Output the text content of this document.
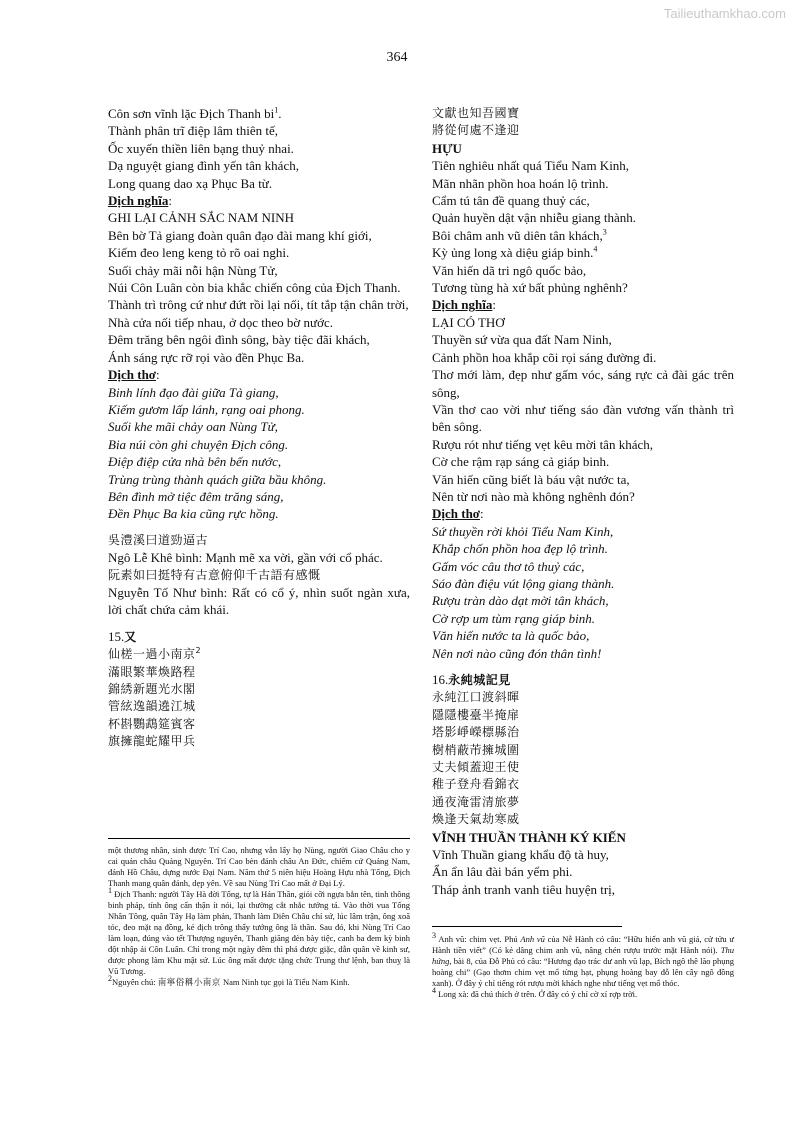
Tailieuthamkhao.com
364
Côn sơn vĩnh lặc Địch Thanh $bi^1$.
Thành phân trĩ điệp lâm thiên tế,
Ốc xuyến thiền liên bạng thuỷ nhai.
Dạ nguyệt giang đình yến tân khách,
Long quang dao xạ Phục Ba từ.
Dịch nghĩa:
GHI LẠI CẢNH SẮC NAM NINH
Bên bờ Tả giang đoàn quân đạo đài mang khí giới,
Kiếm đeo leng keng tỏ rõ oai nghi.
Suối chảy mãi nỗi hận Nùng Tử,
Núi Côn Luân còn bia khắc chiến công của Địch Thanh.
Thành trì trông cứ như đứt rồi lại nối, tít tắp tận chân trời,
Nhà cửa nối tiếp nhau, ở dọc theo bờ nước.
Đêm trăng bên ngôi đình sông, bày tiệc đãi khách,
Ánh sáng rực rỡ rọi vào đền Phục Ba.
Dịch thơ:
Binh lính đạo đài giữa Tả giang,
Kiếm gươm lấp lánh, rạng oai phong.
Suối khe mãi chảy oan Nùng Tử,
Bia núi còn ghi chuyện Địch công.
Điệp điệp cửa nhà bên bến nước,
Trùng trùng thành quách giữa bầu không.
Bên đình mở tiệc đêm trăng sáng,
Đền Phục Ba kia cũng rực hồng.
吳澧溪曰道勁逼古
Ngô Lễ Khê bình: Mạnh mẽ xa vời, gần với cổ phác.
阮素如曰挺特有古意俯仰千古語有感慨
Nguyễn Tố Như bình: Rất có cổ ý, nhìn suốt ngàn xưa, lời chất chứa cảm khái.
15.又
仙槎一過小南京$^2$
滿眼繁華煥路程
錦綉新題光水閣
管絃逸韻遶江城
杯斟鸚鵡筵賓客
旗擁龍蛇耀甲兵
một thương nhân, sinh được Trí Cao, nhưng vẫn lấy họ Nùng, người Giao Châu cho y cai quản châu Quảng Nguyên. Trí Cao bèn đánh châu An Đức, chiếm cứ Quảng Nam, đánh Hồ Châu, dựng nước Đại Nam. Năm thứ 5 niên hiệu Hoàng Hựu nhà Tống, Địch Thanh mang quân đánh, dẹp yên. Về sau Nùng Trí Cao mất ở Đại Lý.
$^1$ Địch Thanh: người Tây Hà đời Tống, tự là Hán Thần, giỏi cỡi ngựa bắn tên, tinh thông binh pháp, tính ông cẩn thận ít nói, lại thường cắt nhắc tướng tá. Vào thời vua Tống Nhân Tông, quân Tây Hạ làm phản, Thanh làm Diên Châu chỉ sứ, lúc lâm trận, ông xoã tóc, đeo mặt nạ đồng, kẻ địch trông thấy tướng ông là thần. Sau đó, khi Nùng Trí Cao làm loạn, đúng vào tết Thượng nguyên, Thanh giăng đèn bày tiệc, canh ba đem kỳ binh đột nhập ải Côn Luân. Chỉ trong một ngày đêm thì phá được giặc, dẫn quân về kinh sư, được phong làm Khu mật sứ. Lúc ông mất được tặng chức Trung thư lệnh, ban thuỵ là Vũ Tương.
$^2$Nguyên chú: 南寧俗稱小南京 Nam Ninh tục gọi là Tiểu Nam Kinh.
文獻也知吾國寶
將從何處不逢迎
HỰU
Tiên nghiêu nhất quá Tiểu Nam Kinh,
Mãn nhãn phồn hoa hoán lộ trình.
Cẩm tú tân đề quang thuỷ các,
Quản huyền dật vận nhiễu giang thành.
Bôi châm anh vũ diên tân khách,$^3$
Kỳ ủng long xà diệu giáp binh.$^4$
Văn hiến dã tri ngô quốc bảo,
Tương tùng hà xứ bất phủng nghênh?
Dịch nghĩa:
LẠI CÓ THƠ
Thuyền sứ vừa qua đất Nam Ninh,
Cảnh phồn hoa khắp cõi rọi sáng đường đi.
Thơ mới làm, đẹp như gấm vóc, sáng rực cả đài gác trên sông,
Vần thơ cao vời như tiếng sáo đàn vương vấn thành trì bên sông.
Rượu rót như tiếng vẹt kêu mời tân khách,
Cờ che rậm rạp sáng cả giáp binh.
Văn hiến cũng biết là báu vật nước ta,
Nên từ nơi nào mà không nghênh đón?
Dịch thơ:
Sứ thuyền rời khỏi Tiểu Nam Kinh,
Khắp chốn phồn hoa đẹp lộ trình.
Gấm vóc câu thơ tô thuỷ các,
Sáo đàn điệu vút lộng giang thành.
Rượu tràn dào dạt mời tân khách,
Cờ rợp um tùm rạng giáp binh.
Văn hiến nước ta là quốc bảo,
Nên nơi nào cũng đón thân tình!
16.永純城記見
永純江口渡斜暉
隱隱樓臺半掩扉
塔影崢嶸標縣治
樹梢蔽芾擁城圍
丈夫傾蓋迎王使
稚子登舟看錦衣
通夜淹雷清旅夢
煥逢天氣劫寒威
VĨNH THUẦN THÀNH KÝ KIẾN
Vĩnh Thuần giang khẩu độ tà huy,
Ẩn ẩn lâu đài bán yểm phi.
Tháp ảnh tranh vanh tiêu huyện trị,
$^3$ Anh vũ: chim vẹt. Phú Anh vũ của Nễ Hành có câu: “Hữu hiến anh vũ giả, cử tửu ư Hành tiền viết” (Có kẻ dâng chim anh vũ, nâng chén rượu trước mặt Hành nói). Thu hứng, bài 8, của Đỗ Phủ có câu: “Hương đạo trác dư anh vũ lạp, Bích ngô thê lão phụng hoàng chi” (Gạo thơm chim vẹt mổ từng hạt, phụng hoàng bay đỗ lên cây ngô đồng xanh). Ở đây ý chỉ tiếng rót rượu mời khách nghe như tiếng vẹt mổ thóc.
$^4$ Long xà: đã chú thích ở trên. Ở đây có ý chỉ cờ xí rợp trời.
